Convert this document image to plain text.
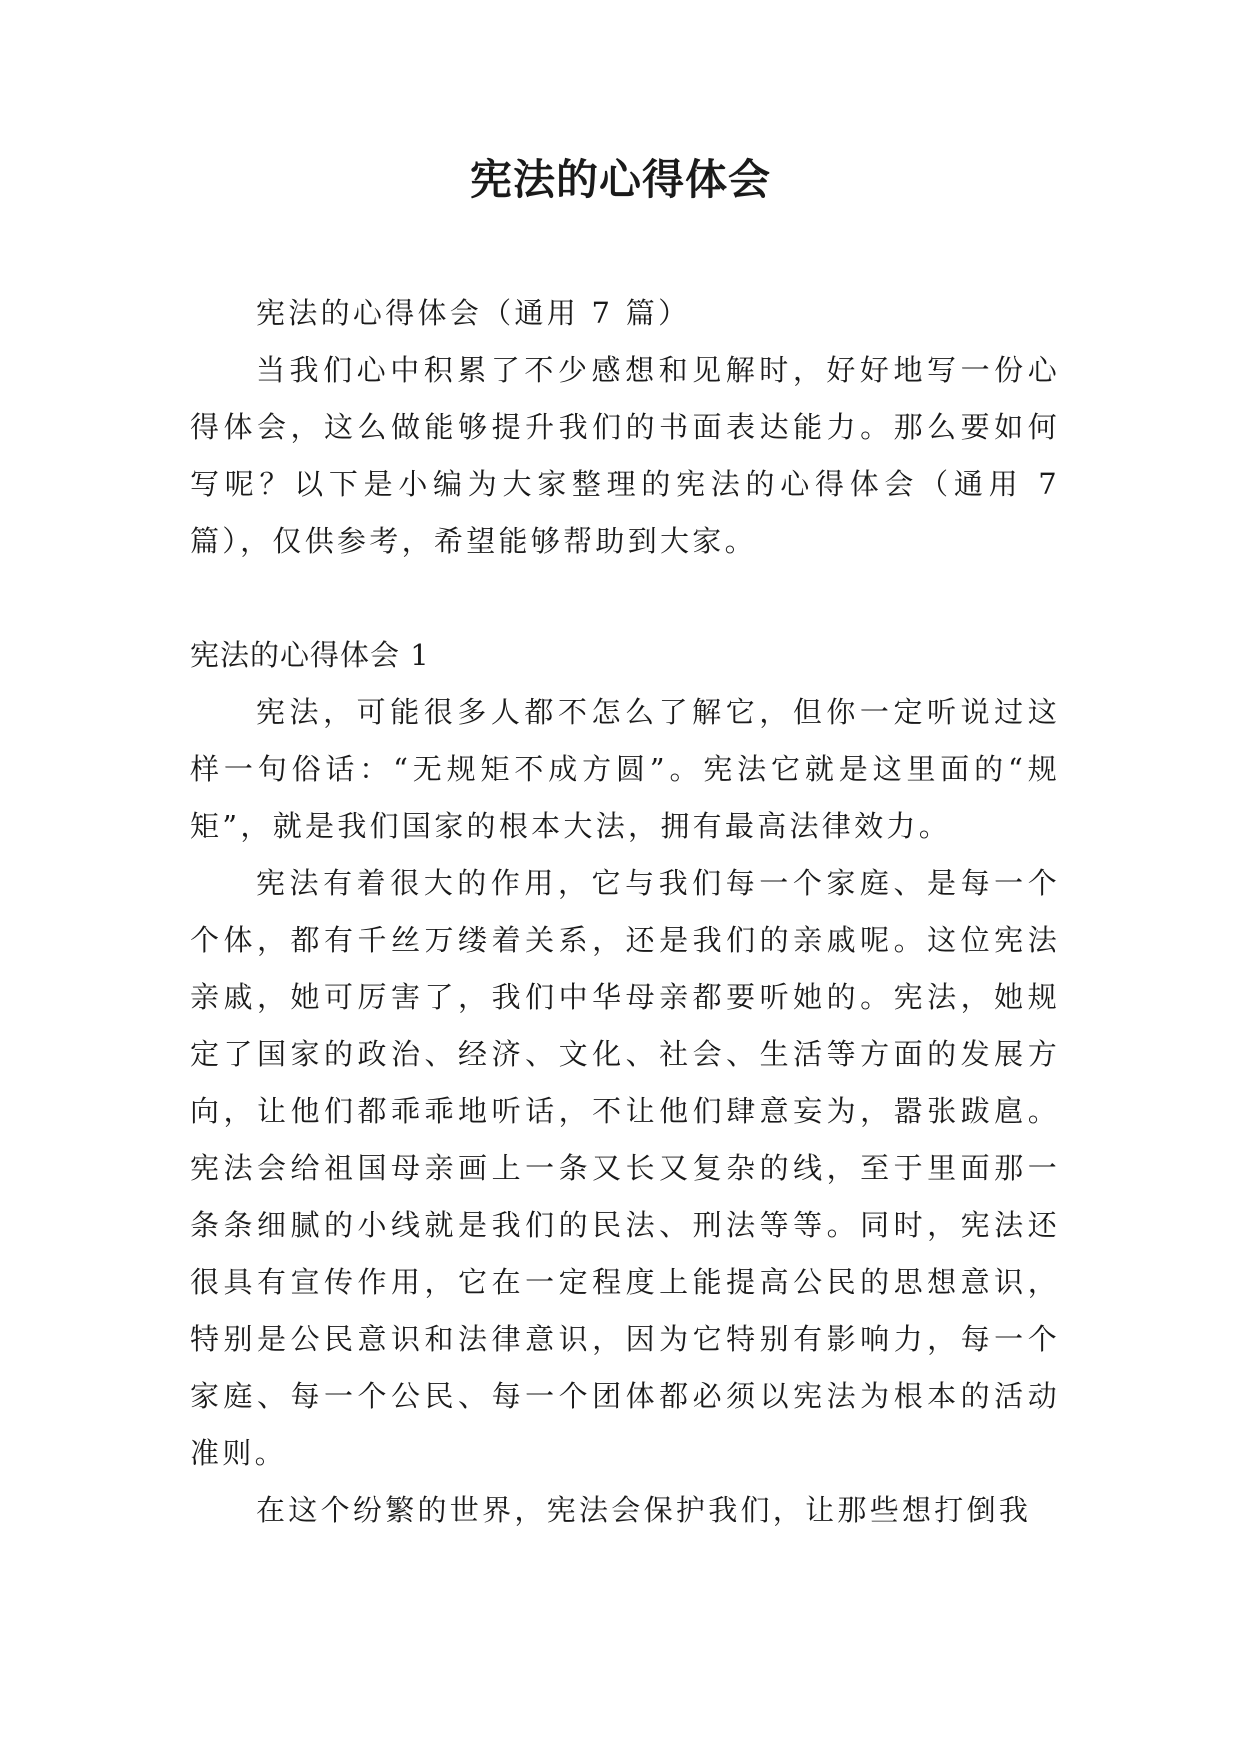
宪法的心得体会

宪法的心得体会（通用 7 篇）

当我们心中积累了不少感想和见解时，好好地写一份心得体会，这么做能够提升我们的书面表达能力。那么要如何写呢？以下是小编为大家整理的宪法的心得体会（通用 7 篇），仅供参考，希望能够帮助到大家。

宪法的心得体会 1

宪法，可能很多人都不怎么了解它，但你一定听说过这样一句俗话：“无规矩不成方圆”。宪法它就是这里面的“规矩”，就是我们国家的根本大法，拥有最高法律效力。

宪法有着很大的作用，它与我们每一个家庭、是每一个个体，都有千丝万缕着关系，还是我们的亲戚呢。这位宪法亲戚，她可厉害了，我们中华母亲都要听她的。宪法，她规定了国家的政治、经济、文化、社会、生活等方面的发展方向，让他们都乖乖地听话，不让他们肆意妄为，嚣张跋扈。宪法会给祖国母亲画上一条又长又复杂的线，至于里面那一条条细腻的小线就是我们的民法、刑法等等。同时，宪法还很具有宣传作用，它在一定程度上能提高公民的思想意识，特别是公民意识和法律意识，因为它特别有影响力，每一个家庭、每一个公民、每一个团体都必须以宪法为根本的活动准则。

在这个纷繁的世界，宪法会保护我们，让那些想打倒我
